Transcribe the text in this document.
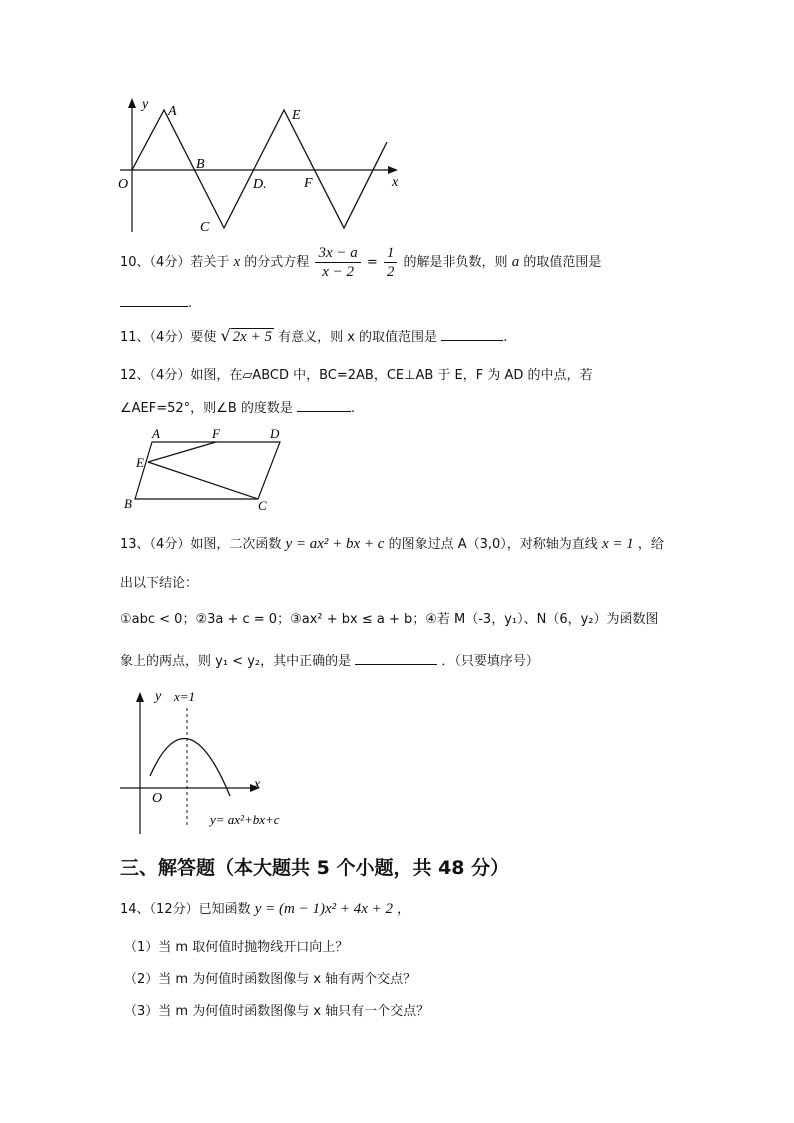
y A
B
C
D.
E
F
O	x
10、（4分）若关于 x 的分式方程 $\frac{3x - a}{x - 2} = \frac{1}{2}$ 的解是非负数，则 a 的取值范围是
.
11、（4分）要使 √ 2x + 5 有意义，则 x 的取值范围是	.
12、（4分）如图，在▱ABCD 中，BC=2AB，CE⊥AB 于 E，F 为 AD 的中点，若
∠AEF=52°，则∠B 的度数是	.
A	F	D
E
B	C
13、（4分）如图，二次函数 y = ax² + bx + c 的图象过点 A（3,0），对称轴为直线 x = 1 ，给
出以下结论：
①abc < 0；②3a + c = 0；③ax² + bx ≤ a + b；④若 M（-3，y₁）、N（6，y₂）为函数图
象上的两点，则 y₁ < y₂，其中正确的是	．（只要填序号）
y x=1
x
O
y= ax²+bx+c
三、解答题（本大题共 5 个小题，共 48 分）
14、（12分）已知函数 y = (m − 1)x² + 4x + 2 ，
（1）当 m 取何值时抛物线开口向上？
（2）当 m 为何值时函数图像与 x 轴有两个交点？
（3）当 m 为何值时函数图像与 x 轴只有一个交点？
